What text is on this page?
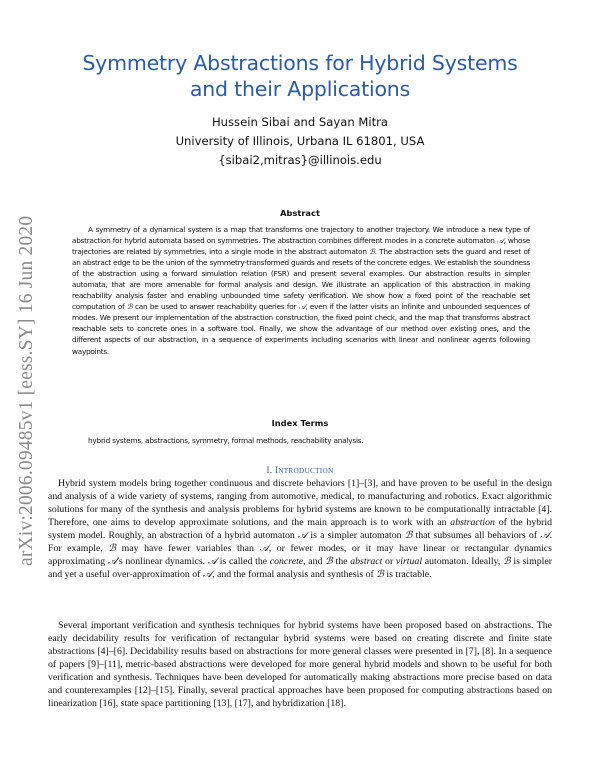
Symmetry Abstractions for Hybrid Systems
and their Applications
Hussein Sibai and Sayan Mitra
University of Illinois, Urbana IL 61801, USA
{sibai2,mitras}@illinois.edu
arXiv:2006.09485v1 [eess.SY] 16 Jun 2020
Abstract
A symmetry of a dynamical system is a map that transforms one trajectory to another trajectory. We introduce a new type of abstraction for hybrid automata based on symmetries. The abstraction combines different modes in a concrete automaton 𝒜, whose trajectories are related by symmetries, into a single mode in the abstract automaton ℬ. The abstraction sets the guard and reset of an abstract edge to be the union of the symmetry-transformed guards and resets of the concrete edges. We establish the soundness of the abstraction using a forward simulation relation (FSR) and present several examples. Our abstraction results in simpler automata, that are more amenable for formal analysis and design. We illustrate an application of this abstraction in making reachability analysis faster and enabling unbounded time safety verification. We show how a fixed point of the reachable set computation of ℬ can be used to answer reachability queries for 𝒜, even if the latter visits an infinite and unbounded sequences of modes. We present our implementation of the abstraction construction, the fixed point check, and the map that transforms abstract reachable sets to concrete ones in a software tool. Finally, we show the advantage of our method over existing ones, and the different aspects of our abstraction, in a sequence of experiments including scenarios with linear and nonlinear agents following waypoints.
Index Terms
hybrid systems, abstractions, symmetry, formal methods, reachability analysis.
I. INTRODUCTION
Hybrid system models bring together continuous and discrete behaviors [1]–[3], and have proven to be useful in the design and analysis of a wide variety of systems, ranging from automotive, medical, to manufacturing and robotics. Exact algorithmic solutions for many of the synthesis and analysis problems for hybrid systems are known to be computationally intractable [4]. Therefore, one aims to develop approximate solutions, and the main approach is to work with an abstraction of the hybrid system model. Roughly, an abstraction of a hybrid automaton 𝒜 is a simpler automaton ℬ that subsumes all behaviors of 𝒜. For example, ℬ may have fewer variables than 𝒜, or fewer modes, or it may have linear or rectangular dynamics approximating 𝒜's nonlinear dynamics. 𝒜 is called the concrete, and ℬ the abstract or virtual automaton. Ideally, ℬ is simpler and yet a useful over-approximation of 𝒜, and the formal analysis and synthesis of ℬ is tractable.
Several important verification and synthesis techniques for hybrid systems have been proposed based on abstractions. The early decidability results for verification of rectangular hybrid systems were based on creating discrete and finite state abstractions [4]–[6]. Decidability results based on abstractions for more general classes were presented in [7], [8]. In a sequence of papers [9]–[11], metric-based abstractions were developed for more general hybrid models and shown to be useful for both verification and synthesis. Techniques have been developed for automatically making abstractions more precise based on data and counterexamples [12]–[15]. Finally, several practical approaches have been proposed for computing abstractions based on linearization [16], state space partitioning [13], [17], and hybridization [18].
